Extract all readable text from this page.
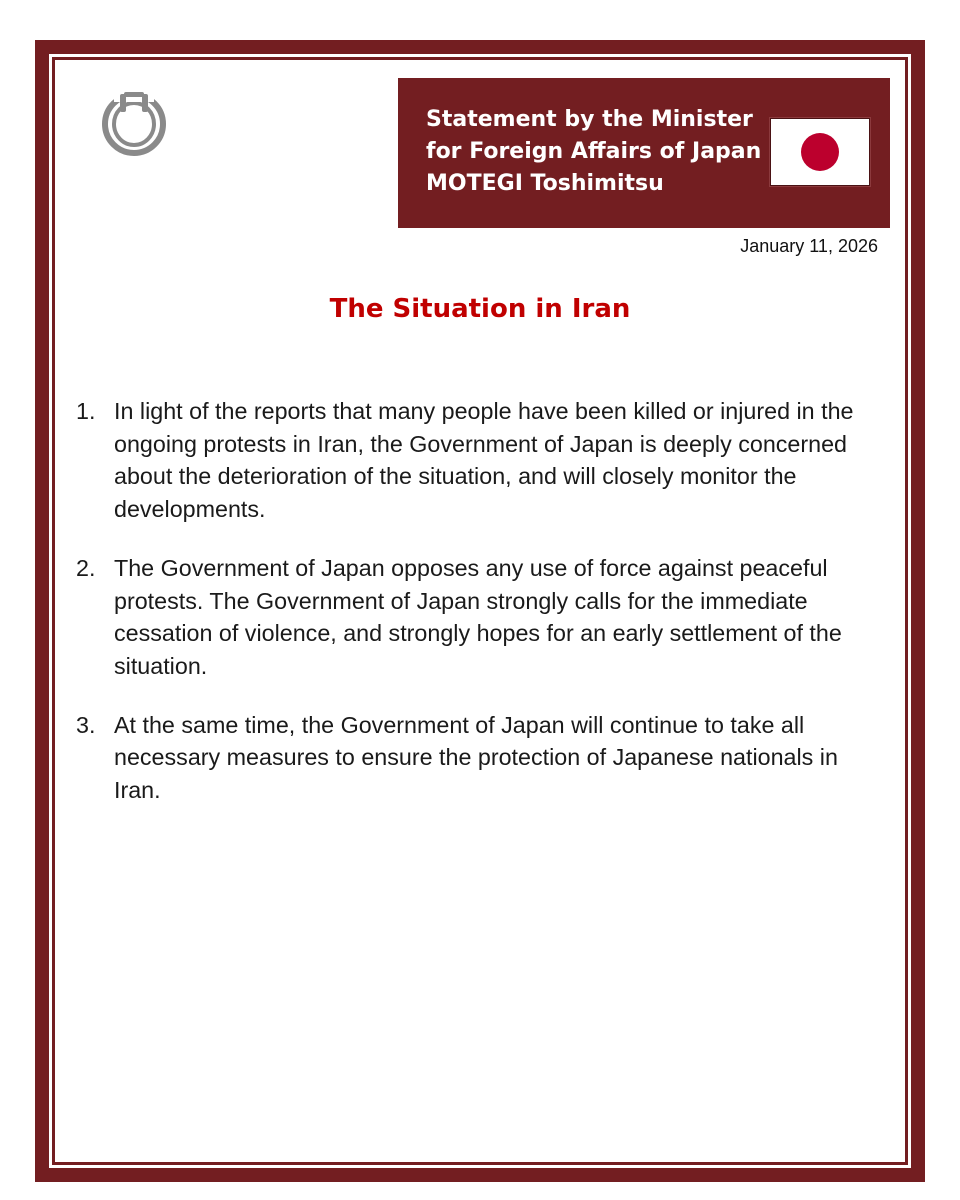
Statement by the Minister
for Foreign Affairs of Japan
MOTEGI Toshimitsu
January 11, 2026
The Situation in Iran
1. In light of the reports that many people have been killed or injured in the ongoing protests in Iran, the Government of Japan is deeply concerned about the deterioration of the situation, and will closely monitor the developments.
2. The Government of Japan opposes any use of force against peaceful protests. The Government of Japan strongly calls for the immediate cessation of violence, and strongly hopes for an early settlement of the situation.
3. At the same time, the Government of Japan will continue to take all necessary measures to ensure the protection of Japanese nationals in Iran.
